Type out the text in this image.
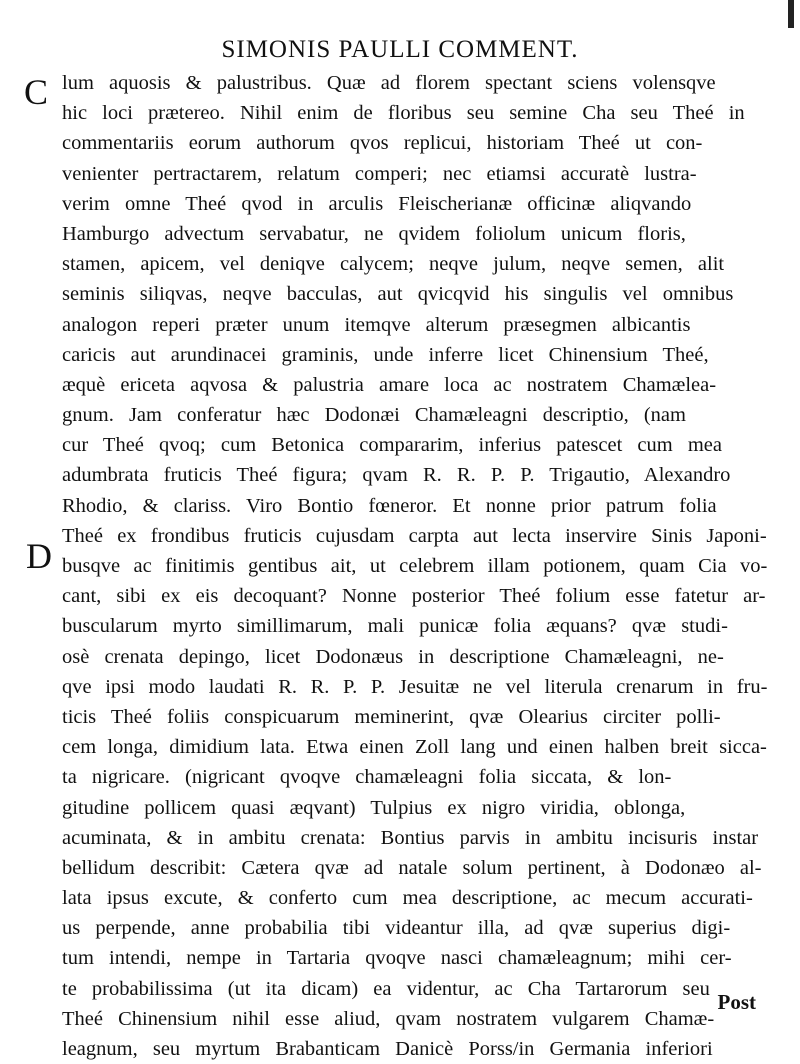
SIMONIS PAULLI COMMENT.
C
D
lum aquosis & palustribus. Quæ ad florem spectant sciens volensqve
hic loci prætereo. Nihil enim de floribus seu semine Cha seu Theé in
commentariis eorum authorum qvos replicui, historiam Theé ut con-
venienter pertractarem, relatum comperi; nec etiamsi accuratè lustra-
verim omne Theé qvod in arculis Fleischerianæ officinæ aliqvando
Hamburgo advectum servabatur, ne qvidem foliolum unicum floris,
stamen, apicem, vel deniqve calycem; neqve julum, neqve semen, alit
seminis siliqvas, neqve bacculas, aut qvicqvid his singulis vel omnibus
analogon reperi præter unum itemqve alterum præsegmen albicantis
caricis aut arundinacei graminis, unde inferre licet Chinensium Theé,
æquè ericeta aqvosa & palustria amare loca ac nostratem Chamælea-
gnum. Jam conferatur hæc Dodonæi Chamæleagni descriptio, (nam
cur Theé qvoq; cum Betonica compararim, inferius patescet cum mea
adumbrata fruticis Theé figura; qvam R. R. P. P. Trigautio, Alexandro
Rhodio, & clariss. Viro Bontio fœneror. Et nonne prior patrum folia
Theé ex frondibus fruticis cujusdam carpta aut lecta inservire Sinis Japoni-
busqve ac finitimis gentibus ait, ut celebrem illam potionem, quam Cia vo-
cant, sibi ex eis decoquant? Nonne posterior Theé folium esse fatetur ar-
buscularum myrto simillimarum, mali punicæ folia æquans? qvæ studi-
osè crenata depingo, licet Dodonæus in descriptione Chamæleagni, ne-
qve ipsi modo laudati R. R. P. P. Jesuitæ ne vel literula crenarum in fru-
ticis Theé foliis conspicuarum meminerint, qvæ Olearius circiter polli-
cem longa, dimidium lata. Etwa einen Zoll lang und einen halben breit sicca-
ta nigricare. (nigricant qvoqve chamæleagni folia siccata, & lon-
gitudine pollicem quasi æqvant) Tulpius ex nigro viridia, oblonga,
acuminata, & in ambitu crenata: Bontius parvis in ambitu incisuris instar
bellidum describit: Cætera qvæ ad natale solum pertinent, à Dodonæo al-
lata ipsus excute, & conferto cum mea descriptione, ac mecum accurati-
us perpende, anne probabilia tibi videantur illa, ad qvæ superius digi-
tum intendi, nempe in Tartaria qvoqve nasci chamæleagnum; mihi cer-
te probabilissima (ut ita dicam) ea videntur, ac Cha Tartarorum seu
Theé Chinensium nihil esse aliud, qvam nostratem vulgarem Chamæ-
leagnum, seu myrtum Brabanticam Danicè Porss/in Germania inferiori
Post
